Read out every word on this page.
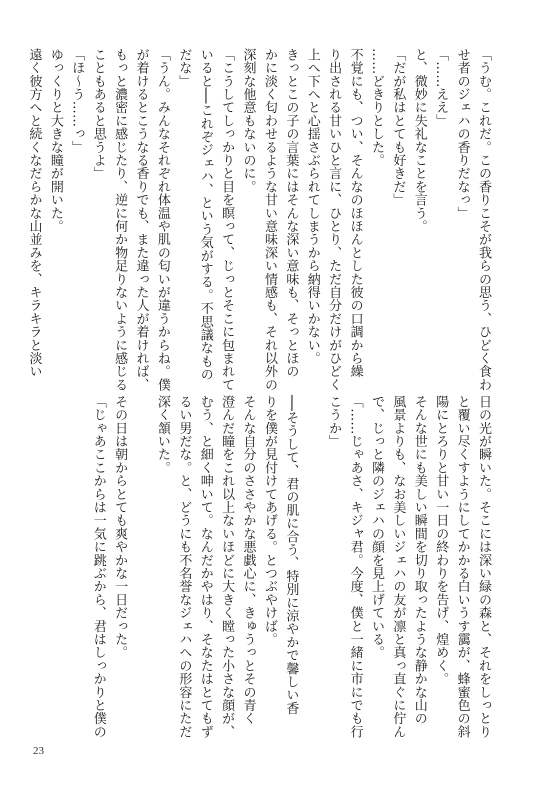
「うむ。これだ。この香りこそが我らの思う、ひどく食わ
せ者のジェハの香りだなっ」
「……ええ」
と、微妙に失礼なことを言う。
「だが私はとても好きだ」
……どきりとした。
不覚にも、つい、そんなのほほんとした彼の口調から繰
り出される甘いひと言に、ひとり、ただ自分だけがひどく
上へ下へと心揺さぶられてしまうから納得いかない。
きっとこの子の言葉にはそんな深い意味も、そっとほの
かに淡く匂わせるような甘い意味深い情感も、それ以外の
深刻な他意もないのに。
「こうしてしっかりと目を瞑って、じっとそこに包まれて
いると──これぞジェハ、という気がする。不思議なもの
だな」
「うん。みんなそれぞれ体温や肌の匂いが違うからね。僕
が着けるとこうなる香りでも、また違った人が着ければ、
もっと濃密に感じたり、逆に何か物足りないように感じる
こともあると思うよ」
「ほ～う……っ」
ゆっくりと大きな瞳が開いた。
遠く彼方へと続くなだらかな山並みを、キラキラと淡い
日の光が瞬いた。そこには深い緑の森と、それをしっとり
と覆い尽くすようにしてかかる白いうす靄が、蜂蜜色の斜
陽にとろりと甘い一日の終わりを告げ、煌めく。
そんな世にも美しい瞬間を切り取ったような静かな山の
風景よりも、なお美しいジェハの友が凛と真っ直ぐに佇ん
で、じっと隣のジェハの顔を見上げている。
「……じゃあさ、キジャ君。今度、僕と一緒に市にでも行
こうか」
──そうして、君の肌に合う、特別に涼やかで馨しい香
りを僕が見付けてあげる。とつぶやけば。
そんな自分のささやかな悪戯心に、きゅうっとその青く
澄んだ瞳をこれ以上ないほどに大きく瞠った小さな顔が、
むう、と細く呻いて。なんだかやはり、そなたはとてもず
るい男だな。と、どうにも不名誉なジェハへの形容にただ
深く頷いた。
その日は朝からとても爽やかな一日だった。
「じゃあここからは一気に跳ぶから、君はしっかりと僕の
23
